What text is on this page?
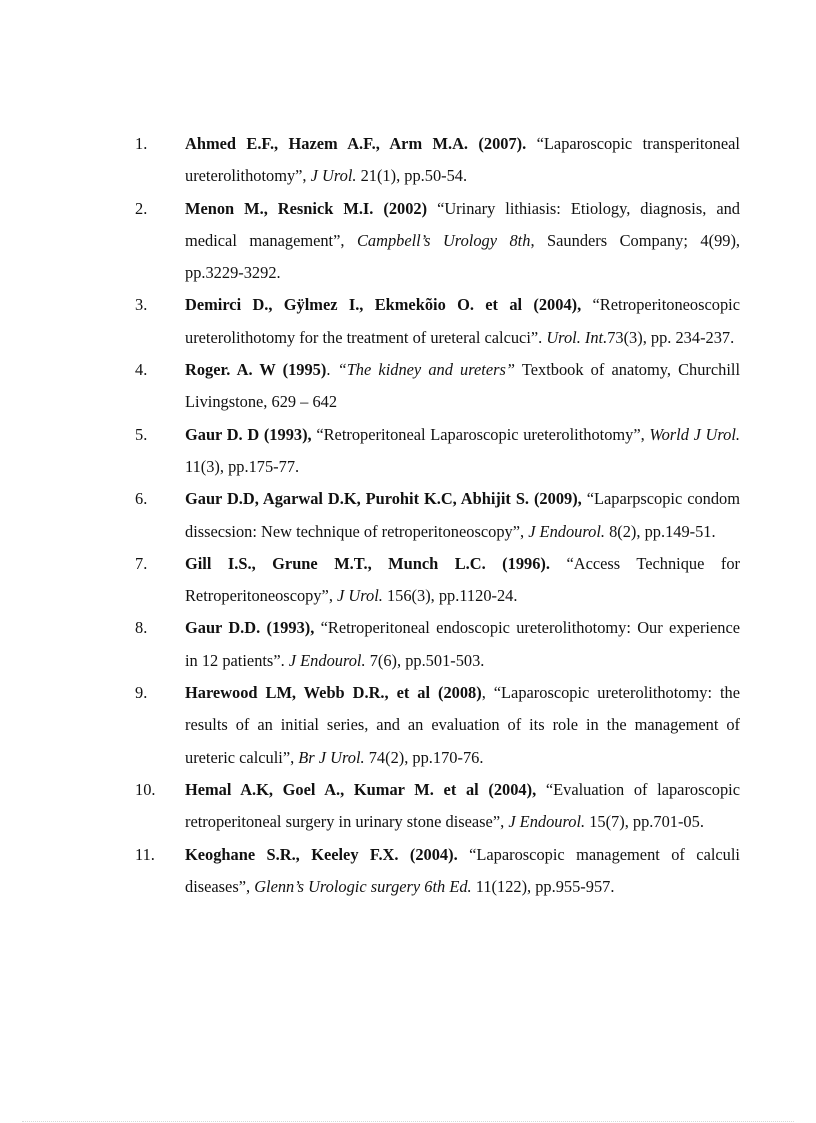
1. Ahmed E.F., Hazem A.F., Arm M.A. (2007). “Laparoscopic transperitoneal ureterolithotomy”, J Urol. 21(1), pp.50-54.
2. Menon M., Resnick M.I. (2002) “Urinary lithiasis: Etiology, diagnosis, and medical management”, Campbell’s Urology 8th, Saunders Company; 4(99), pp.3229-3292.
3. Demirci D., Gÿlmez I., Ekmekõio O. et al (2004), “Retroperitoneoscopic ureterolithotomy for the treatment of ureteral calcuci”. Urol. Int.73(3), pp. 234-237.
4. Roger. A. W (1995). “The kidney and ureters” Textbook of anatomy, Churchill Livingstone, 629 – 642
5. Gaur D. D (1993), “Retroperitoneal Laparoscopic ureterolithotomy”, World J Urol. 11(3), pp.175-77.
6. Gaur D.D, Agarwal D.K, Purohit K.C, Abhijit S. (2009), “Laparpscopic condom dissecsion: New technique of retroperitoneoscopy”, J Endourol. 8(2), pp.149-51.
7. Gill I.S., Grune M.T., Munch L.C. (1996). “Access Technique for Retroperitoneoscopy”, J Urol. 156(3), pp.1120-24.
8. Gaur D.D. (1993), “Retroperitoneal endoscopic ureterolithotomy: Our experience in 12 patients”. J Endourol. 7(6), pp.501-503.
9. Harewood LM, Webb D.R., et al (2008), “Laparoscopic ureterolithotomy: the results of an initial series, and an evaluation of its role in the management of ureteric calculi”, Br J Urol. 74(2), pp.170-76.
10. Hemal A.K, Goel A., Kumar M. et al (2004), “Evaluation of laparoscopic retroperitoneal surgery in urinary stone disease”, J Endourol. 15(7), pp.701-05.
11. Keoghane S.R., Keeley F.X. (2004). “Laparoscopic management of calculi diseases”, Glenn’s Urologic surgery 6th Ed. 11(122), pp.955-957.
